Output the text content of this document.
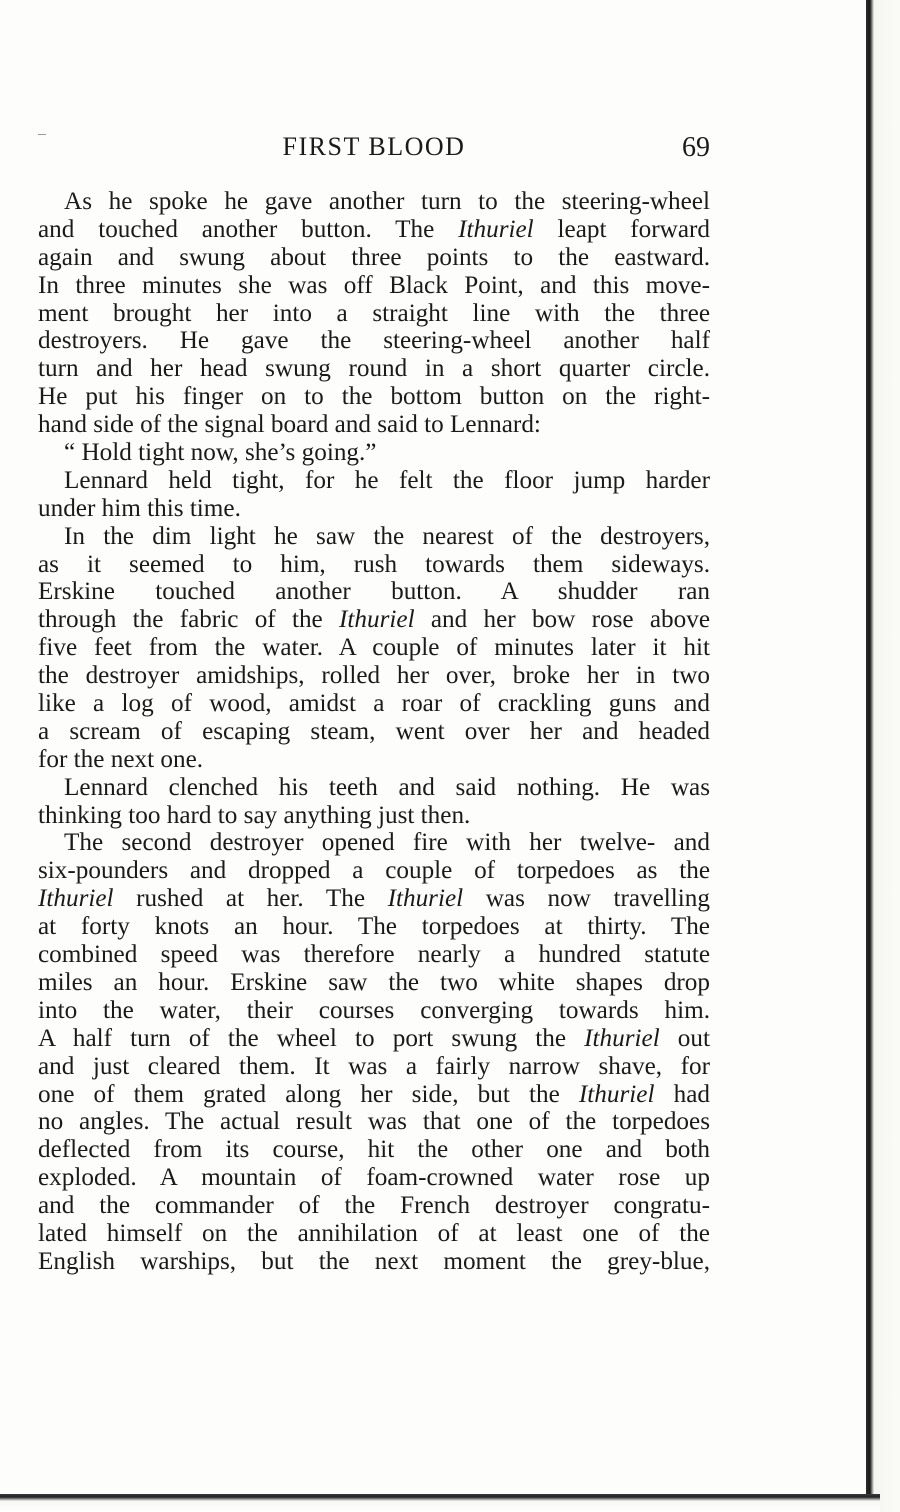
FIRST BLOOD	69
As he spoke he gave another turn to the steering-wheel
and touched another button. The Ithuriel leapt forward
again and swung about three points to the eastward.
In three minutes she was off Black Point, and this move-
ment brought her into a straight line with the three
destroyers. He gave the steering-wheel another half
turn and her head swung round in a short quarter circle.
He put his finger on to the bottom button on the right-
hand side of the signal board and said to Lennard:
“ Hold tight now, she’s going.”
Lennard held tight, for he felt the floor jump harder
under him this time.
In the dim light he saw the nearest of the destroyers,
as it seemed to him, rush towards them sideways.
Erskine touched another button. A shudder ran
through the fabric of the Ithuriel and her bow rose above
five feet from the water. A couple of minutes later it hit
the destroyer amidships, rolled her over, broke her in two
like a log of wood, amidst a roar of crackling guns and
a scream of escaping steam, went over her and headed
for the next one.
Lennard clenched his teeth and said nothing. He was
thinking too hard to say anything just then.
The second destroyer opened fire with her twelve- and
six-pounders and dropped a couple of torpedoes as the
Ithuriel rushed at her. The Ithuriel was now travelling
at forty knots an hour. The torpedoes at thirty. The
combined speed was therefore nearly a hundred statute
miles an hour. Erskine saw the two white shapes drop
into the water, their courses converging towards him.
A half turn of the wheel to port swung the Ithuriel out
and just cleared them. It was a fairly narrow shave, for
one of them grated along her side, but the Ithuriel had
no angles. The actual result was that one of the torpedoes
deflected from its course, hit the other one and both
exploded. A mountain of foam-crowned water rose up
and the commander of the French destroyer congratu-
lated himself on the annihilation of at least one of the
English warships, but the next moment the grey-blue,
